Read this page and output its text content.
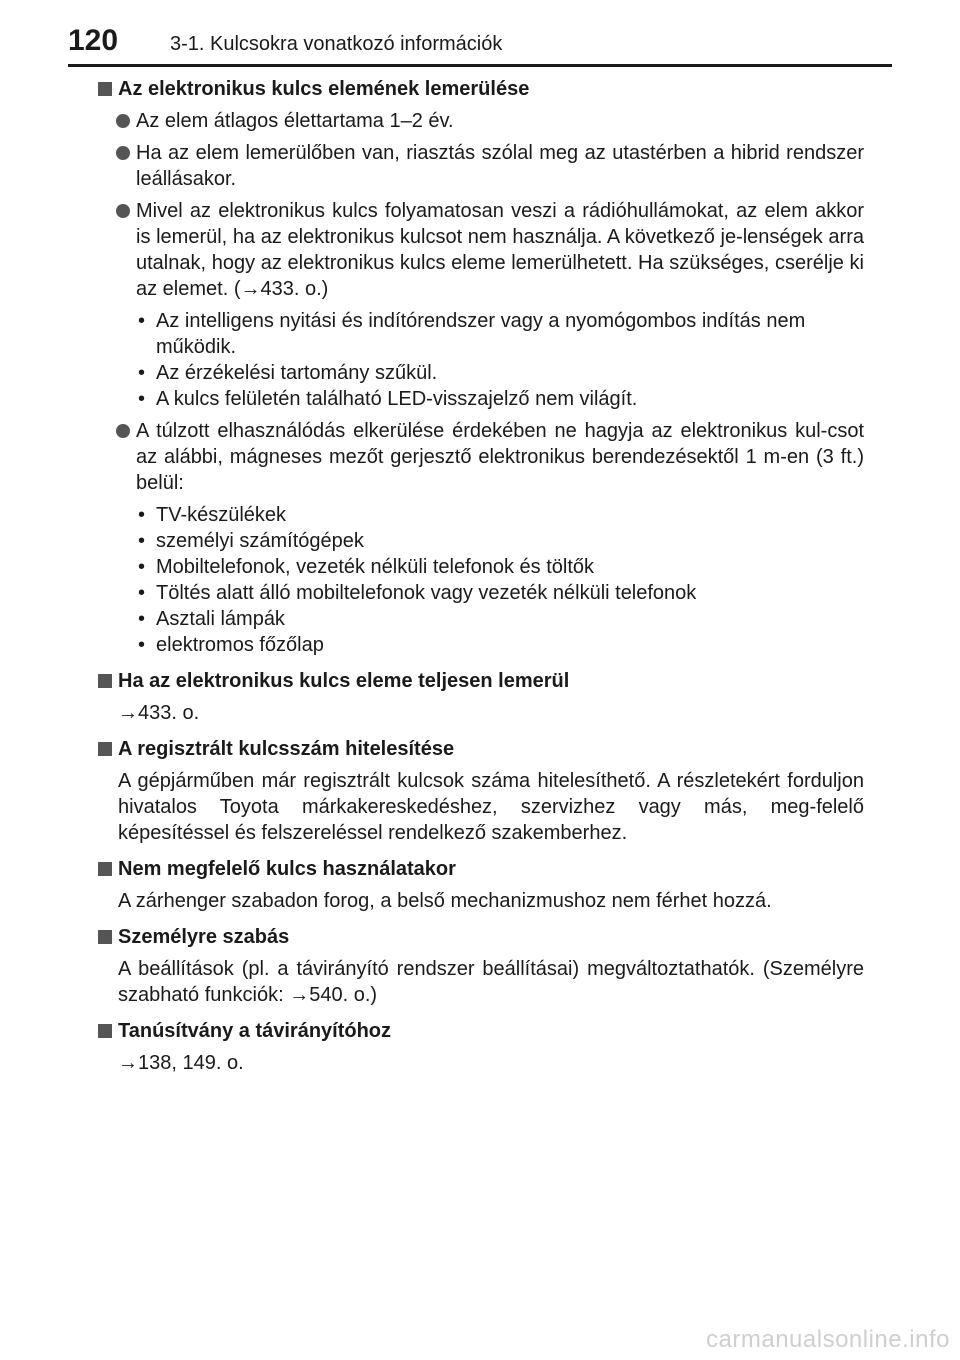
120	3-1. Kulcsokra vonatkozó információk
Az elektronikus kulcs elemének lemerülése
Az elem átlagos élettartama 1–2 év.
Ha az elem lemerülőben van, riasztás szólal meg az utastérben a hibrid rendszer leállásakor.
Mivel az elektronikus kulcs folyamatosan veszi a rádióhullámokat, az elem akkor is lemerül, ha az elektronikus kulcsot nem használja. A következő je-lenségek arra utalnak, hogy az elektronikus kulcs eleme lemerülhetett. Ha szükséges, cserélje ki az elemet. (→433. o.)
• Az intelligens nyitási és indítórendszer vagy a nyomógombos indítás nem működik.
• Az érzékelési tartomány szűkül.
• A kulcs felületén található LED-visszajelző nem világít.
A túlzott elhasználódás elkerülése érdekében ne hagyja az elektronikus kul-csot az alábbi, mágneses mezőt gerjesztő elektronikus berendezésektől 1 m-en (3 ft.) belül:
• TV-készülékek
• személyi számítógépek
• Mobiltelefonok, vezeték nélküli telefonok és töltők
• Töltés alatt álló mobiltelefonok vagy vezeték nélküli telefonok
• Asztali lámpák
• elektromos főzőlap
Ha az elektronikus kulcs eleme teljesen lemerül
→433. o.
A regisztrált kulcsszám hitelesítése
A gépjárműben már regisztrált kulcsok száma hitelesíthető. A részletekért forduljon hivatalos Toyota márkakereskedéshez, szervizhez vagy más, meg-felelő képesítéssel és felszereléssel rendelkező szakemberhez.
Nem megfelelő kulcs használatakor
A zárhenger szabadon forog, a belső mechanizmushoz nem férhet hozzá.
Személyre szabás
A beállítások (pl. a távirányító rendszer beállításai) megváltoztathatók. (Személyre szabható funkciók: →540. o.)
Tanúsítvány a távirányítóhoz
→138, 149. o.
carmanualsonline.info
